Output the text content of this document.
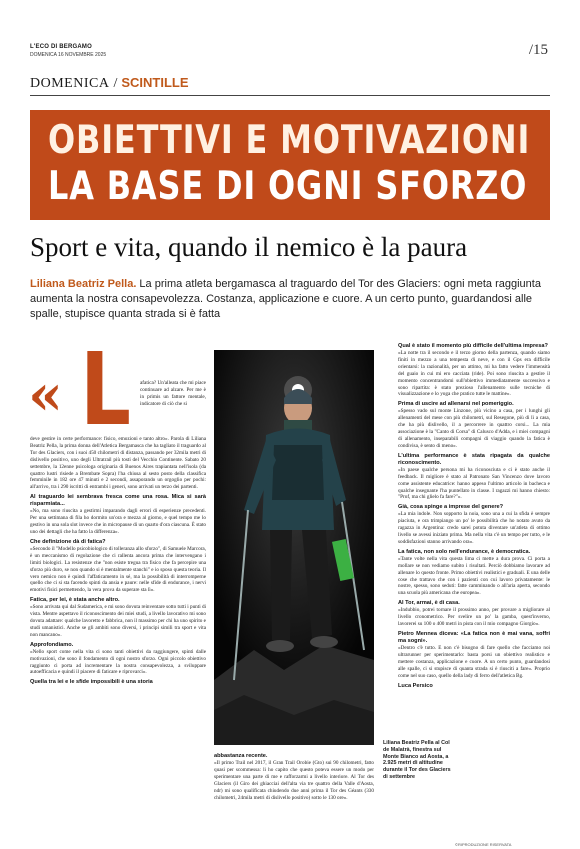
L'ECO DI BERGAMO
DOMENICA 16 NOVEMBRE 2025	/15
DOMENICA / SCINTILLE
OBIETTIVI E MOTIVAZIONI
LA BASE DI OGNI SFORZO
Sport e vita, quando il nemico è la paura
Liliana Beatriz Pella. La prima atleta bergamasca al traguardo del Tor des Glaciers: ogni meta raggiunta aumenta la nostra consapevolezza. Costanza, applicazione e cuore. A un certo punto, guardandosi alle spalle, stupisce quanta strada si è fatta
« L afatica? Un'alleata che mi piace continuare ad alzare. Per me è in primis un fattore mentale, indicatore di ciò che si

deve gestire in certe performance: fisico, emozioni e tanto altro». Parola di Liliana Beatriz Pella, la prima donna dell'Atletica Bergamasca che ha tagliato il traguardo al Tor des Glaciers, con i suoi 450 chilometri di distanza, passando per 32mila metri di dislivello positivo, uno degli Ultratrail più tosti del Vecchio Continente. Sabato 20 settembre, la 12enne psicologa originaria di Buenos Aires trapiantata nell'isola (da quattro lustri risiede a Brembate Sopra) l'ha chiusa al sesto posto della classifica femminile in 182 ore 47 minuti e 2 secondi, assaporando un orgoglio per pochi: all'arrivo, tra i 290 iscritti di entrambi i generi, sono arrivati un terzo dei partenti.

Al traguardo lei sembrava fresca come una rosa. Mica si sarà risparmiata...

«No, ma sono riuscita a gestirmi imparando dagli errori di esperienze precedenti. Per una settimana di fila ho dormito un'ora e mezza al giorno, e quel tempo me lo gestivo in una sola slot invece che in micropause di un quarto d'ora ciascuna. È stato uno dei dettagli che ha fatto la differenza».

Che definizione dà di fatica?

«Secondo il "Modello psicobiologico di tolleranza allo sforzo", di Samuele Marcora, è un meccanismo di regolazione che ci rallenta ancora prima che intervengano i limiti biologici. La resistenze che "non esiste tregua tra fisico che fa percepire una sforzo più duro, se non quando si è mentalmente stanchi" e io sposo questa teoria. Il vero nemico non è quindi l'affaticamento in sé, ma la possibilità di interromperne quello che ci si sta facendo spinti da ansia e paure: nelle sfide di endurance, i nervi emotivi fisici permettendo, la vera prova da superare sta lì».

Fatica, per lei, è stata anche altro.

«Sono arrivata qui dal Sudamerica, e mi sono dovuta reinventare sotto tutti i punti di vista. Mentre aspettavo il riconoscimento dei miei studi, a livello lavorativo mi sono dovuta adattare: qualche lavoretto e fabbrica, non il massimo per chi ha uno spirito e studi umanistici. Anche se gli ambiti sono diversi, i principi simili tra sport e vita non mancano».

Approfondiamo.

«Nello sport come nella vita ci sono tanti obiettivi da raggiungere, spinti dalle motivazioni, che sono il fondamento di ogni nostro sforzo. Ogni piccolo obiettivo raggiunto ci porta ad incrementare la nostra consapevolezza, a sviluppare autoefficacia e quindi il piacere di faticare e riprovarci».

Quella tra lei e le sfide impossibili è una storia
abbastanza recente.

«Il primo Trail nel 2017, il Gran Trail Orobie (Gto) sui 90 chilometri, fatto quasi per scommessa: li ho capito che questo poteva essere un modo per sperimentare una parte di me e rafforzarmi a livello interiore. Al Tor des Glaciers (il Giro dei ghiacciai dell'alta via tre quattro della Valle d'Aosta, ndr) mi sono qualificata chiudendo due anni prima il Tor des Géants (330 chilometri, 24mila metri di dislivello positivo) sotto le 130 ore».

Liliana Beatriz Pella al Col de Malatrà, finestra sul Monte Bianco ad Aosta, a 2.925 metri di altitudine durante il Tor des Glaciers di settembre
Qual è stato il momento più difficile dell'ultima impresa?

«La notte tra il secondo e il terzo giorno della partenza, quando siamo finiti in mezzo a una tempesta di neve, e con il Gps era difficile orientarsi: la razionalità, per un attimo, mi ha fatto vedere l'immensità del guaio in cui mi ero cacciata (ride). Poi sono riuscita a gestire il momento concentrandomi sull'obiettivo immediatamente successivo e sono ripartita: è stato prezioso l'allenamento sulle tecniche di visualizzazione e lo yoga che pratico tutte le mattine».

Prima di uscire ad allenarsi nel pomeriggio.

«Spesso vado sul monte Linzone, più vicino a casa, per i lunghi gli allenamenti del mese con più chilometri, sul Resegone, più di lì a casa, che ha più dislivello, il a percorrere in quattro corsi... La mia associazione è la "Canto di Corsa" di Calusco d'Adda, e i miei compagni di allenamento, inseparabili compagni di viaggio quando la fatica è condivisa, è sento di meno».

L'ultima performance è stata ripagata da qualche riconoscimento.

«In paese qualche persona mi ha riconosciuta e ci è stato anche il feedback. Il migliore è stato al Patronato San Vincenzo dove lavoro come assistente educatrice: hanno appeso l'ultimo articolo in bacheca e qualche insegnante l'ha puntellato in classe. I ragazzi mi hanno chiesto: "Prof, ma chi glielo fa fare?"».

Già, cosa spinge a imprese del genere?

«La mia indole. Non sopporto la noia, sono una a cui la sfida è sempre piaciuta, e ora trimpiango un po' le possibilità che ho notato avuto da ragazza in Argentina: credo sarei potuta diventare un'atleta di ottimo livello se avessi iniziato prima. Ma nella vita c'è un tempo per tutto, e le soddisfazioni stanno arrivando ora».

La fatica, non solo nell'endurance, è democratica.

«Tante volte nella vita questa lima ci mette a dura prova. Ci porta a mollare se non vediamo subito i risultati. Perciò dobbiamo lavorare ad allenare lo questo fronte. Primo obiettivi realistici e graduali. E una delle cose che trattavo che con i pazienti con cui lavoro privatamente: le nostre, spesso, sono seduti: fatte camminando o all'aria aperta, secondo una scuola più americana che europea».

Al Tor, armai, è di casa.

«Indubbio, potrei tornare il prossimo anno, per provare a migliorare al livello cronometrico. Per svelire un po' la gamba, quest'inverno, lavorerei su 100 o 400 metri in pista con il mio compagno Giorgio».

Pietro Mennea diceva: «La fatica non è mai vana, soffri ma sogni».

«Dentro c'è tutto. E non c'è bisogno di fare quello che facciamo noi ultrarunner per sperimentarlo: basta porsi un obiettivo realistico e mettere costanza, applicazione e cuore. A un certo punto, guardandosi alle spalle, ci si stupisce di quanta strada si è riusciti a fare». Proprio come nel suo caso, quello della lady di ferro dell'atletica Bg.

Luca Persico
©RIPRODUZIONE RISERVATA
